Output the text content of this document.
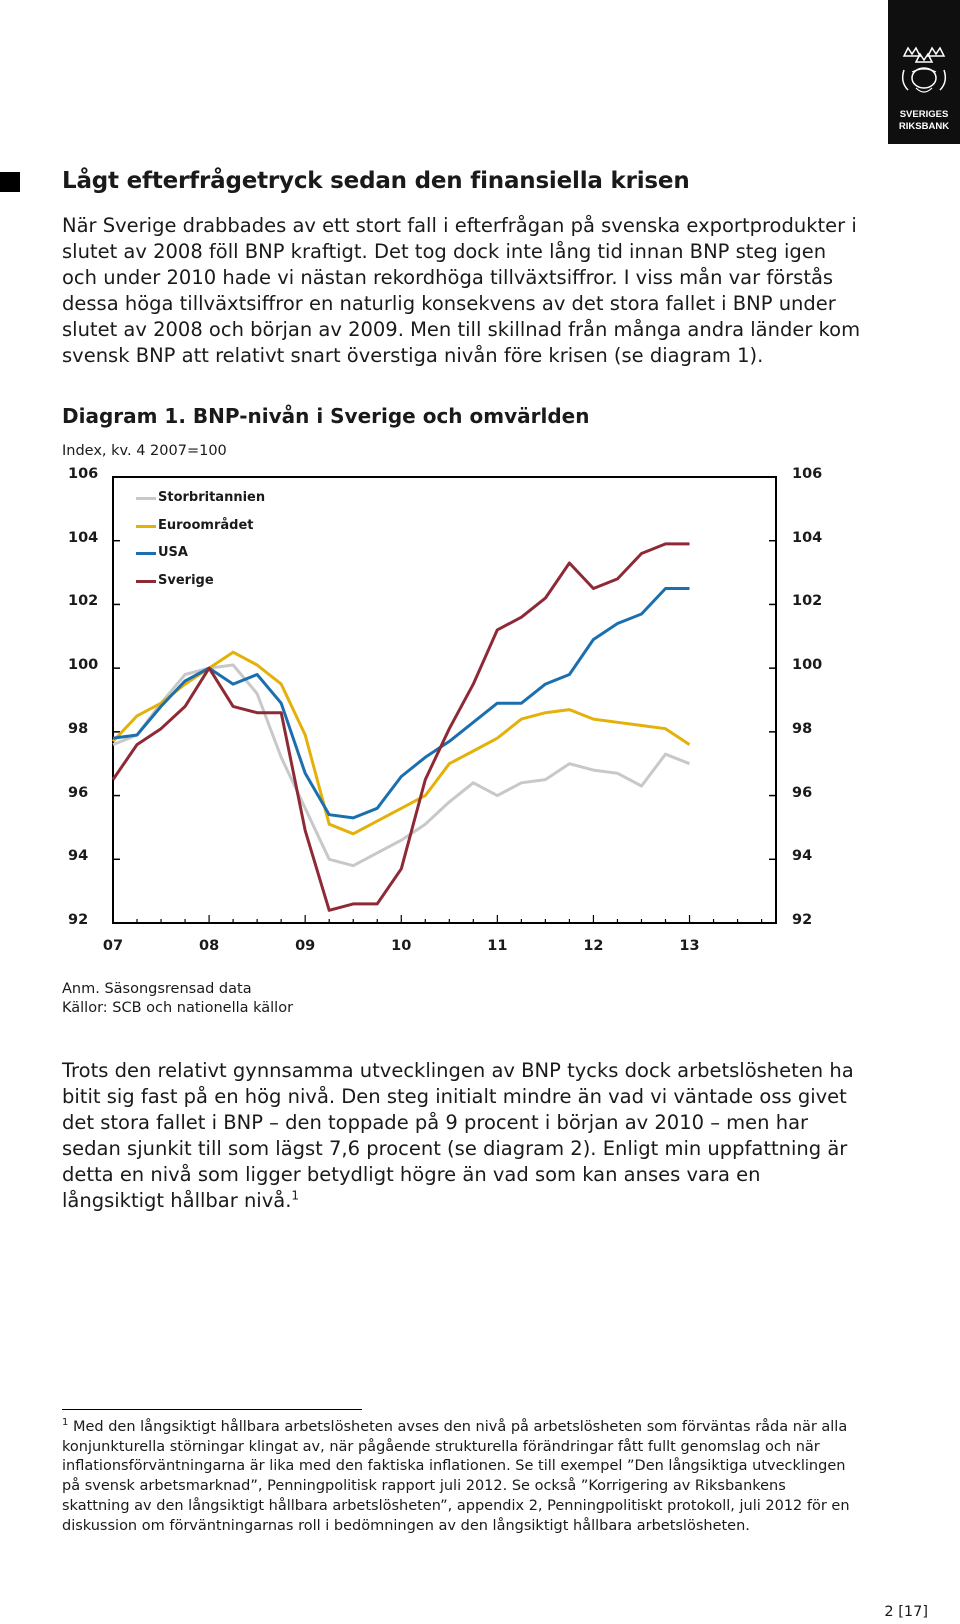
SVERIGES
RIKSBANK
Lågt efterfrågetryck sedan den finansiella krisen

När Sverige drabbades av ett stort fall i efterfrågan på svenska exportprodukter i slutet av 2008 föll BNP kraftigt. Det tog dock inte lång tid innan BNP steg igen och under 2010 hade vi nästan rekordhöga tillväxtsiffror. I viss mån var förstås dessa höga tillväxtsiffror en naturlig konsekvens av det stora fallet i BNP under slutet av 2008 och början av 2009. Men till skillnad från många andra länder kom svensk BNP att relativt snart överstiga nivån före krisen (se diagram 1).

Diagram 1. BNP-nivån i Sverige och omvärlden
Index, kv. 4 2007=100
106
104
102
100
98
96
94
92
106
104
102
100
98
96
94
92
07	08	09	10	11	12	13
Storbritannien
Euroområdet
USA
Sverige
Anm. Säsongsrensad data
Källor: SCB och nationella källor

Trots den relativt gynnsamma utvecklingen av BNP tycks dock arbetslösheten ha bitit sig fast på en hög nivå. Den steg initialt mindre än vad vi väntade oss givet det stora fallet i BNP – den toppade på 9 procent i början av 2010 – men har sedan sjunkit till som lägst 7,6 procent (se diagram 2). Enligt min uppfattning är detta en nivå som ligger betydligt högre än vad som kan anses vara en långsiktigt hållbar nivå.$^1$

$^1$ Med den långsiktigt hållbara arbetslösheten avses den nivå på arbetslösheten som förväntas råda när alla konjunkturella störningar klingat av, när pågående strukturella förändringar fått fullt genomslag och när inflationsförväntningarna är lika med den faktiska inflationen. Se till exempel ”Den långsiktiga utvecklingen på svensk arbetsmarknad”, Penningpolitisk rapport juli 2012. Se också ”Korrigering av Riksbankens skattning av den långsiktigt hållbara arbetslösheten”, appendix 2, Penningpolitiskt protokoll, juli 2012 för en diskussion om förväntningarnas roll i bedömningen av den långsiktigt hållbara arbetslösheten.

2 [17]
